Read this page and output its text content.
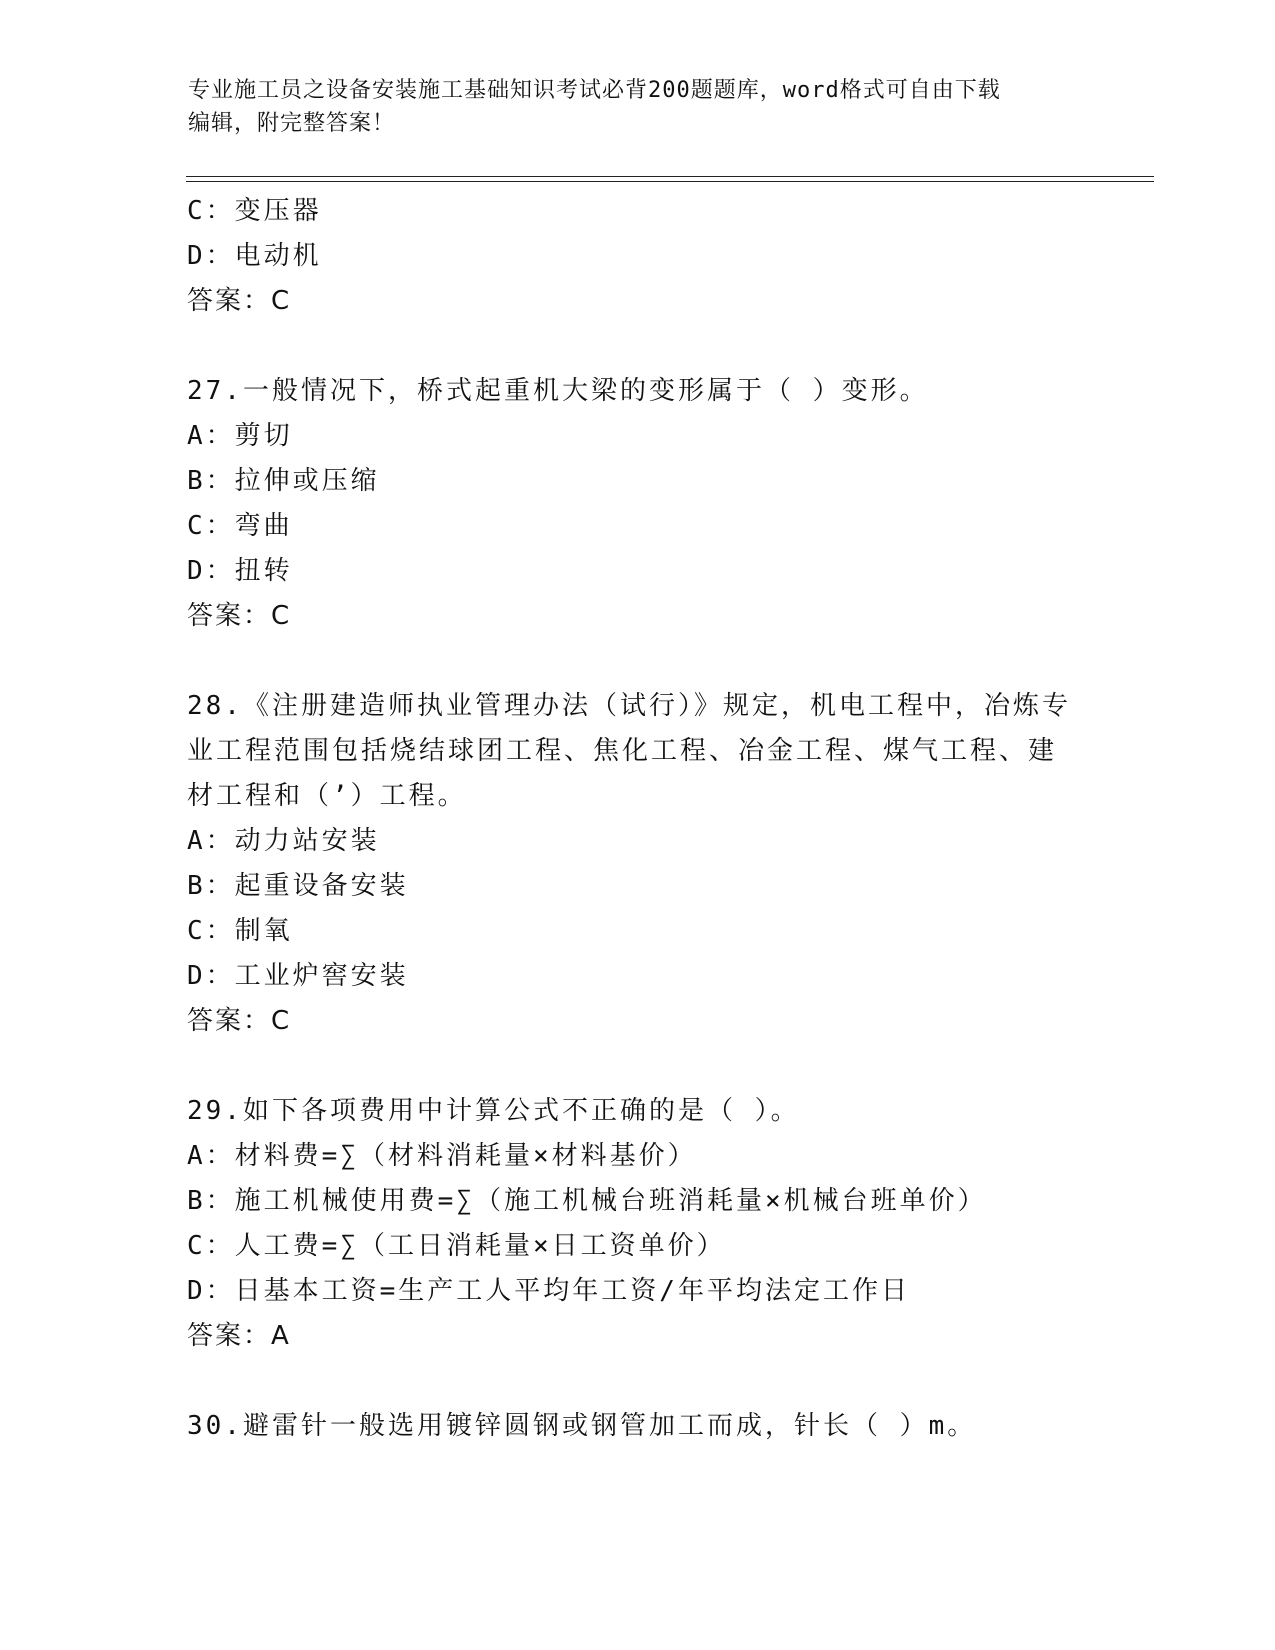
专业施工员之设备安装施工基础知识考试必背200题题库，word格式可自由下载
编辑，附完整答案！
C：变压器
D：电动机
答案：C
27.一般情况下，桥式起重机大梁的变形属于（ ）变形。
A：剪切
B：拉伸或压缩
C：弯曲
D：扭转
答案：C
28.《注册建造师执业管理办法（试行）》规定，机电工程中，冶炼专
业工程范围包括烧结球团工程、焦化工程、冶金工程、煤气工程、建
材工程和（’）工程。
A：动力站安装
B：起重设备安装
C：制氧
D：工业炉窖安装
答案：C
29.如下各项费用中计算公式不正确的是（ ）。
A：材料费=∑（材料消耗量×材料基价）
B：施工机械使用费=∑（施工机械台班消耗量×机械台班单价）
C：人工费=∑（工日消耗量×日工资单价）
D：日基本工资=生产工人平均年工资/年平均法定工作日
答案：A
30.避雷针一般选用镀锌圆钢或钢管加工而成，针长（ ）m。
